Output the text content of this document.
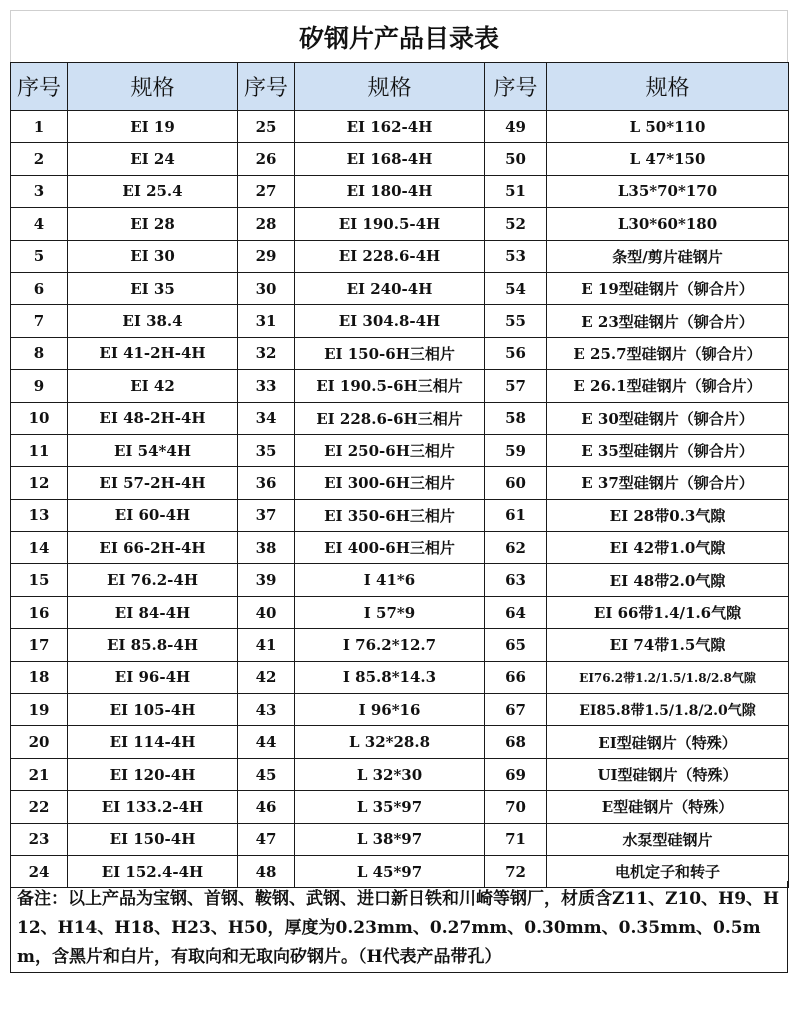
矽钢片产品目录表
序号	规格	序号	规格	序号	规格
1	EI 19	25	EI 162-4H	49	L 50*110
2	EI 24	26	EI 168-4H	50	L 47*150
3	EI 25.4	27	EI 180-4H	51	L35*70*170
4	EI 28	28	EI 190.5-4H	52	L30*60*180
5	EI 30	29	EI 228.6-4H	53	条型/剪片硅钢片
6	EI 35	30	EI 240-4H	54	E 19型硅钢片（铆合片）
7	EI 38.4	31	EI 304.8-4H	55	E 23型硅钢片（铆合片）
8	EI 41-2H-4H	32	EI 150-6H三相片	56	E 25.7型硅钢片（铆合片）
9	EI 42	33	EI 190.5-6H三相片	57	E 26.1型硅钢片（铆合片）
10	EI 48-2H-4H	34	EI 228.6-6H三相片	58	E 30型硅钢片（铆合片）
11	EI 54*4H	35	EI 250-6H三相片	59	E 35型硅钢片（铆合片）
12	EI 57-2H-4H	36	EI 300-6H三相片	60	E 37型硅钢片（铆合片）
13	EI 60-4H	37	EI 350-6H三相片	61	EI 28带0.3气隙
14	EI 66-2H-4H	38	EI 400-6H三相片	62	EI 42带1.0气隙
15	EI 76.2-4H	39	I 41*6	63	EI 48带2.0气隙
16	EI 84-4H	40	I 57*9	64	EI 66带1.4/1.6气隙
17	EI 85.8-4H	41	I 76.2*12.7	65	EI 74带1.5气隙
18	EI 96-4H	42	I 85.8*14.3	66	EI76.2带1.2/1.5/1.8/2.8气隙
19	EI 105-4H	43	I 96*16	67	EI85.8带1.5/1.8/2.0气隙
20	EI 114-4H	44	L 32*28.8	68	EI型硅钢片（特殊）
21	EI 120-4H	45	L 32*30	69	UI型硅钢片（特殊）
22	EI 133.2-4H	46	L 35*97	70	E型硅钢片（特殊）
23	EI 150-4H	47	L 38*97	71	水泵型硅钢片
24	EI 152.4-4H	48	L 45*97	72	电机定子和转子
备注：以上产品为宝钢、首钢、鞍钢、武钢、进口新日铁和川崎等钢厂，材质含Z11、Z10、H9、H12、H14、H18、H23、H50，厚度为0.23mm、0.27mm、0.30mm、0.35mm、0.5mm，含黑片和白片，有取向和无取向矽钢片。（H代表产品带孔）
